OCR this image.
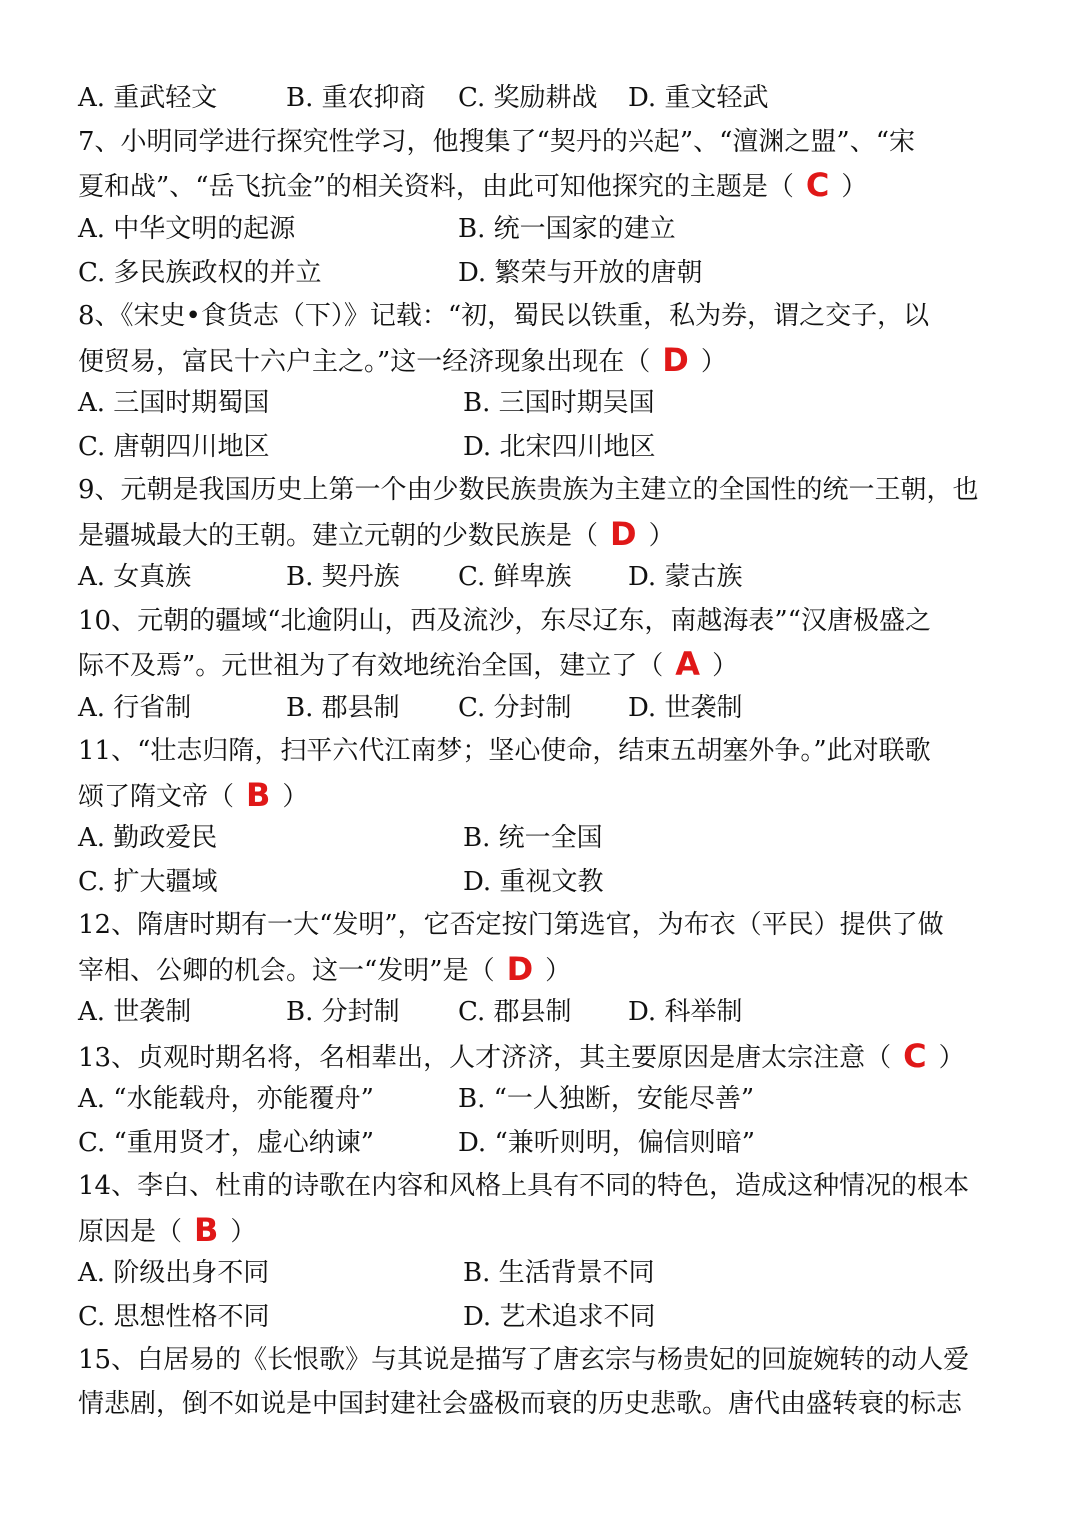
A. 重武轻文	B. 重农抑商 C. 奖励耕战 D. 重文轻武
7、小明同学进行探究性学习，他搜集了“契丹的兴起”、“澶渊之盟”、“宋
夏和战”、“岳飞抗金”的相关资料，由此可知他探究的主题是（ C ）
A. 中华文明的起源	B. 统一国家的建立
C. 多民族政权的并立	D. 繁荣与开放的唐朝
8、《宋史•食货志（下）》记载：“初，蜀民以铁重，私为券，谓之交子，以
便贸易，富民十六户主之。”这一经济现象出现在（ D ）
A. 三国时期蜀国	B. 三国时期吴国
C. 唐朝四川地区	D. 北宋四川地区
9、元朝是我国历史上第一个由少数民族贵族为主建立的全国性的统一王朝，也
是疆城最大的王朝。建立元朝的少数民族是（ D ）
A. 女真族	B. 契丹族 C. 鲜卑族 D. 蒙古族
10、元朝的疆域“北逾阴山，西及流沙，东尽辽东，南越海表”“汉唐极盛之
际不及焉”。元世祖为了有效地统治全国，建立了（ A ）
A. 行省制	B. 郡县制 C. 分封制 D. 世袭制
11、“壮志归隋，扫平六代江南梦；坚心使命，结束五胡塞外争。”此对联歌
颂了隋文帝（ B ）
A. 勤政爱民	B. 统一全国
C. 扩大疆域	D. 重视文教
12、隋唐时期有一大“发明”，它否定按门第选官，为布衣（平民）提供了做
宰相、公卿的机会。这一“发明”是（ D ）
A. 世袭制	B. 分封制 C. 郡县制 D. 科举制
13、贞观时期名将，名相辈出，人才济济，其主要原因是唐太宗注意（ C ）
A. “水能载舟，亦能覆舟”	B. “一人独断，安能尽善”
C. “重用贤才，虚心纳谏”	D. “兼听则明，偏信则暗”
14、李白、杜甫的诗歌在内容和风格上具有不同的特色，造成这种情况的根本
原因是（ B ）
A. 阶级出身不同	B. 生活背景不同
C. 思想性格不同	D. 艺术追求不同
15、白居易的《长恨歌》与其说是描写了唐玄宗与杨贵妃的回旋婉转的动人爱
情悲剧，倒不如说是中国封建社会盛极而衰的历史悲歌。唐代由盛转衰的标志
